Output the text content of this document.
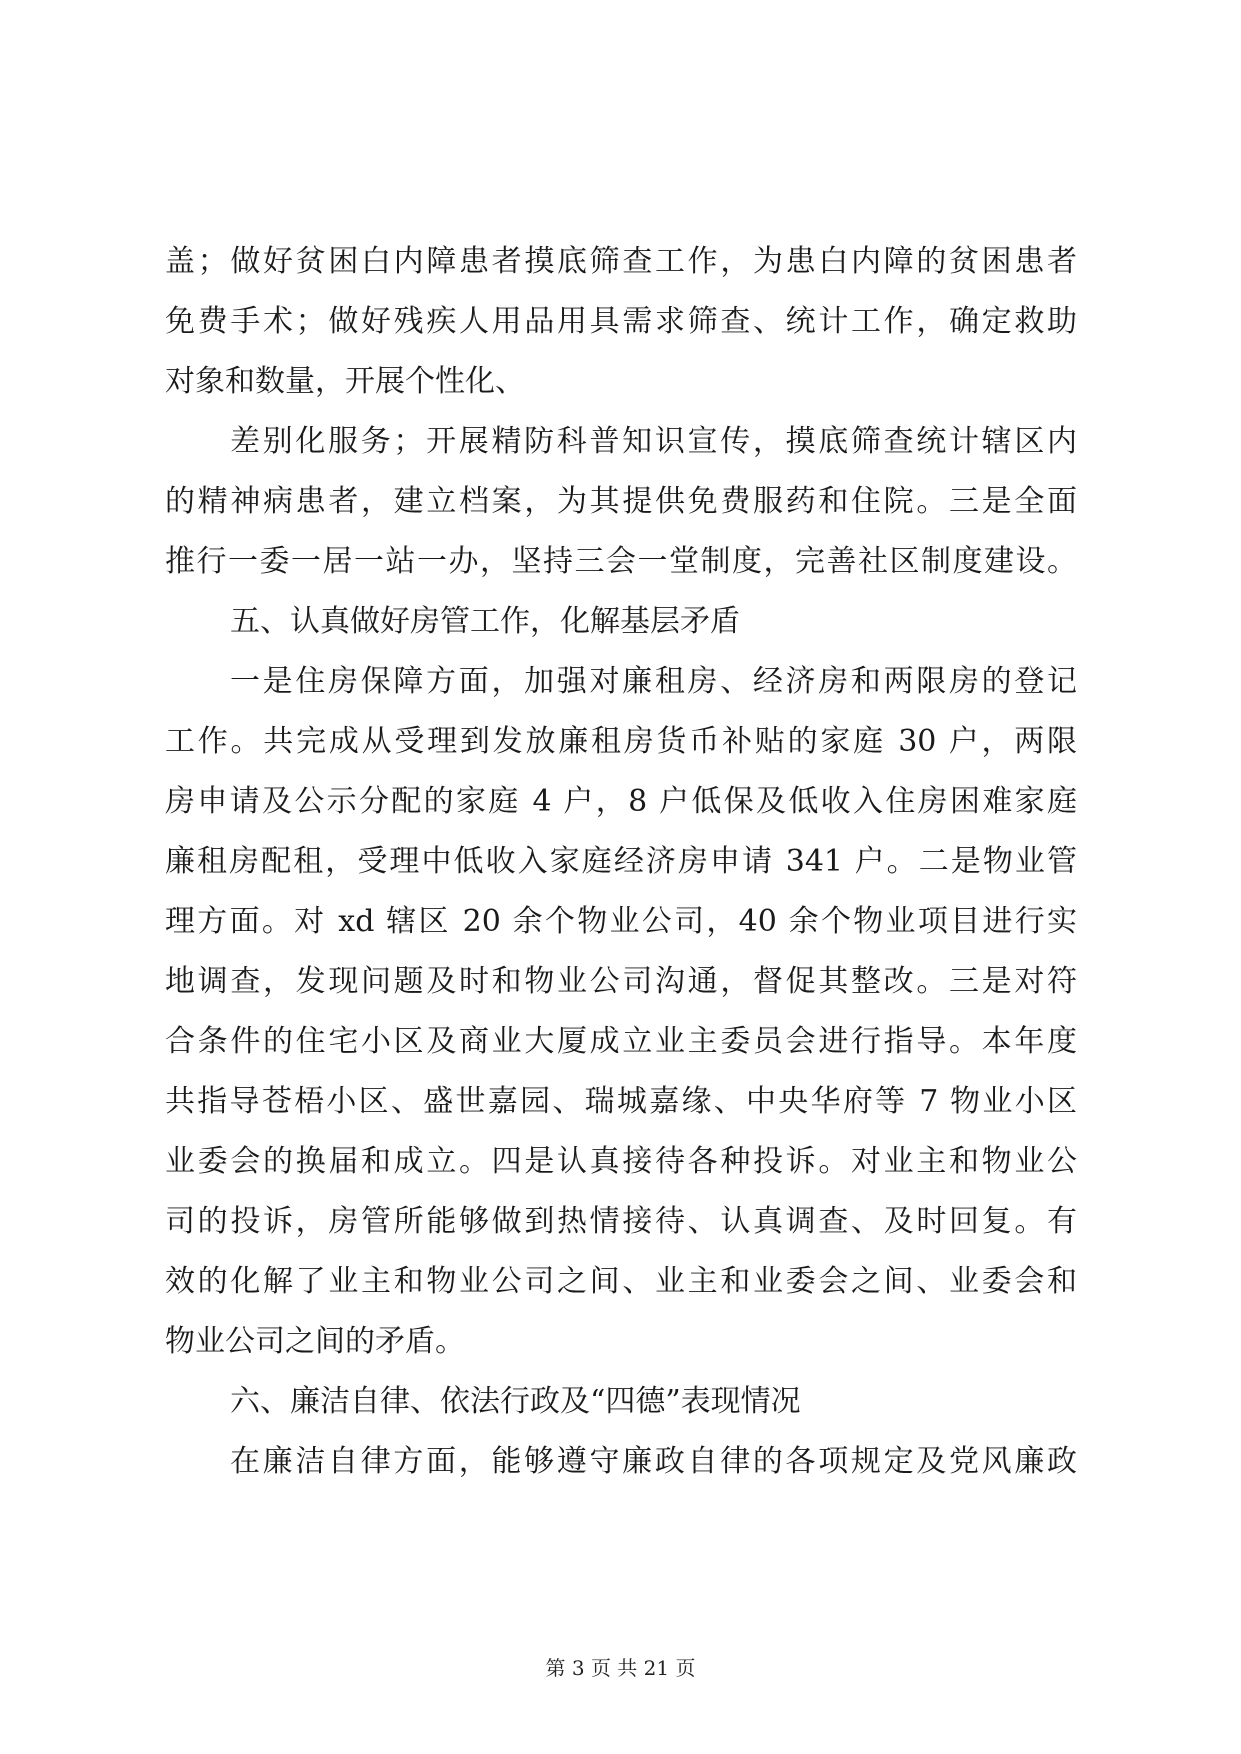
盖；做好贫困白内障患者摸底筛查工作，为患白内障的贫困患者
免费手术；做好残疾人用品用具需求筛查、统计工作，确定救助
对象和数量，开展个性化、
差别化服务；开展精防科普知识宣传，摸底筛查统计辖区内
的精神病患者，建立档案，为其提供免费服药和住院。三是全面
推行一委一居一站一办，坚持三会一堂制度，完善社区制度建设。
五、认真做好房管工作，化解基层矛盾
一是住房保障方面，加强对廉租房、经济房和两限房的登记
工作。共完成从受理到发放廉租房货币补贴的家庭 30 户，两限
房申请及公示分配的家庭 4 户，8 户低保及低收入住房困难家庭
廉租房配租，受理中低收入家庭经济房申请 341 户。二是物业管
理方面。对 xd 辖区 20 余个物业公司，40 余个物业项目进行实
地调查，发现问题及时和物业公司沟通，督促其整改。三是对符
合条件的住宅小区及商业大厦成立业主委员会进行指导。本年度
共指导苍梧小区、盛世嘉园、瑞城嘉缘、中央华府等 7 物业小区
业委会的换届和成立。四是认真接待各种投诉。对业主和物业公
司的投诉，房管所能够做到热情接待、认真调查、及时回复。有
效的化解了业主和物业公司之间、业主和业委会之间、业委会和
物业公司之间的矛盾。
六、廉洁自律、依法行政及“四德”表现情况
在廉洁自律方面，能够遵守廉政自律的各项规定及党风廉政
第 3 页 共 21 页
